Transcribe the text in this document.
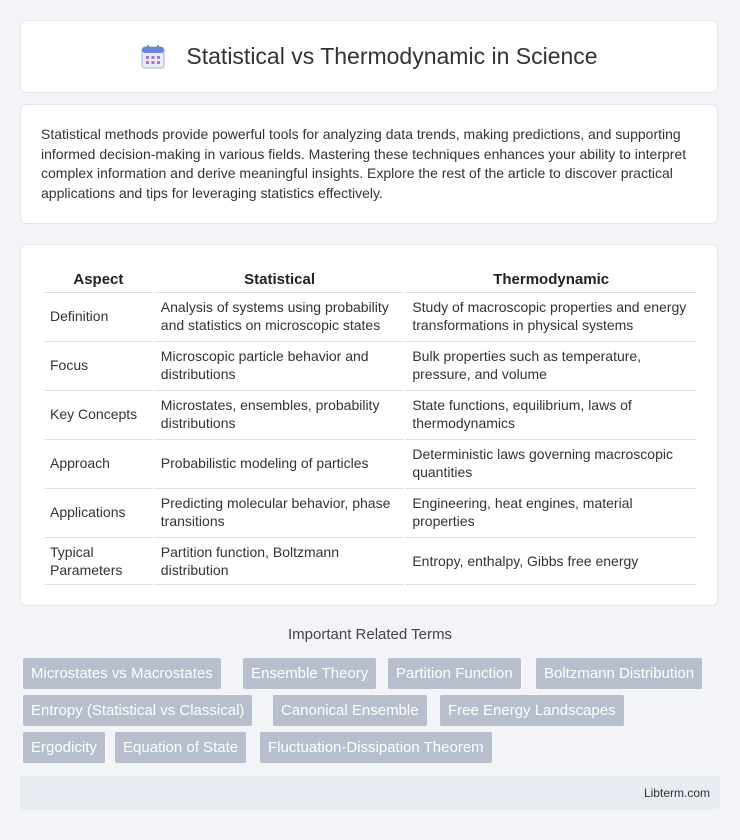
Statistical vs Thermodynamic in Science

Statistical methods provide powerful tools for analyzing data trends, making predictions, and supporting informed decision-making in various fields. Mastering these techniques enhances your ability to interpret complex information and derive meaningful insights. Explore the rest of the article to discover practical applications and tips for leveraging statistics effectively.

Aspect	Statistical	Thermodynamic
Definition	Analysis of systems using probability and statistics on microscopic states	Study of macroscopic properties and energy transformations in physical systems
Focus	Microscopic particle behavior and distributions	Bulk properties such as temperature, pressure, and volume
Key Concepts	Microstates, ensembles, probability distributions	State functions, equilibrium, laws of thermodynamics
Approach	Probabilistic modeling of particles	Deterministic laws governing macroscopic quantities
Applications	Predicting molecular behavior, phase transitions	Engineering, heat engines, material properties
Typical Parameters	Partition function, Boltzmann distribution	Entropy, enthalpy, Gibbs free energy
Important Related Terms
Microstates vs Macrostates	Ensemble Theory	Partition Function	Boltzmann Distribution
Entropy (Statistical vs Classical)	Canonical Ensemble	Free Energy Landscapes
Ergodicity	Equation of State	Fluctuation-Dissipation Theorem
Libterm.com
